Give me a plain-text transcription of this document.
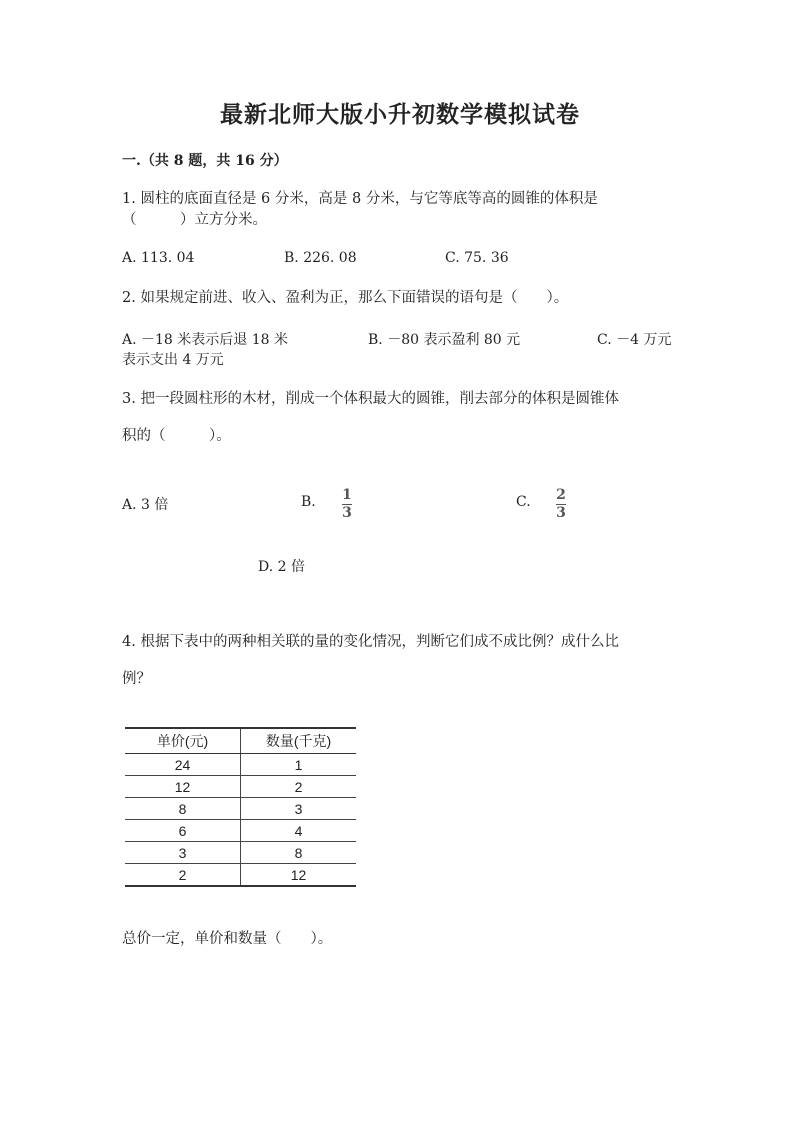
最新北师大版小升初数学模拟试卷
一.（共 8 题，共 16 分）
1. 圆柱的底面直径是 6 分米，高是 8 分米，与它等底等高的圆锥的体积是
（　　　）立方分米。
A. 113. 04	B. 226. 08	C. 75. 36
2. 如果规定前进、收入、盈利为正，那么下面错误的语句是（　　）。
A. －18 米表示后退 18 米	B. －80 表示盈利 80 元	C. －4 万元
表示支出 4 万元
3. 把一段圆柱形的木材，削成一个体积最大的圆锥，削去部分的体积是圆锥体
积的（　　　）。
A. 3 倍	B. 1
3
C. 2
3
D. 2 倍
4. 根据下表中的两种相关联的量的变化情况，判断它们成不成比例？成什么比
例？
单价(元)	数量(千克)
24	1
12	2
8	3
6	4
3	8
2	12
总价一定，单价和数量（　　）。
